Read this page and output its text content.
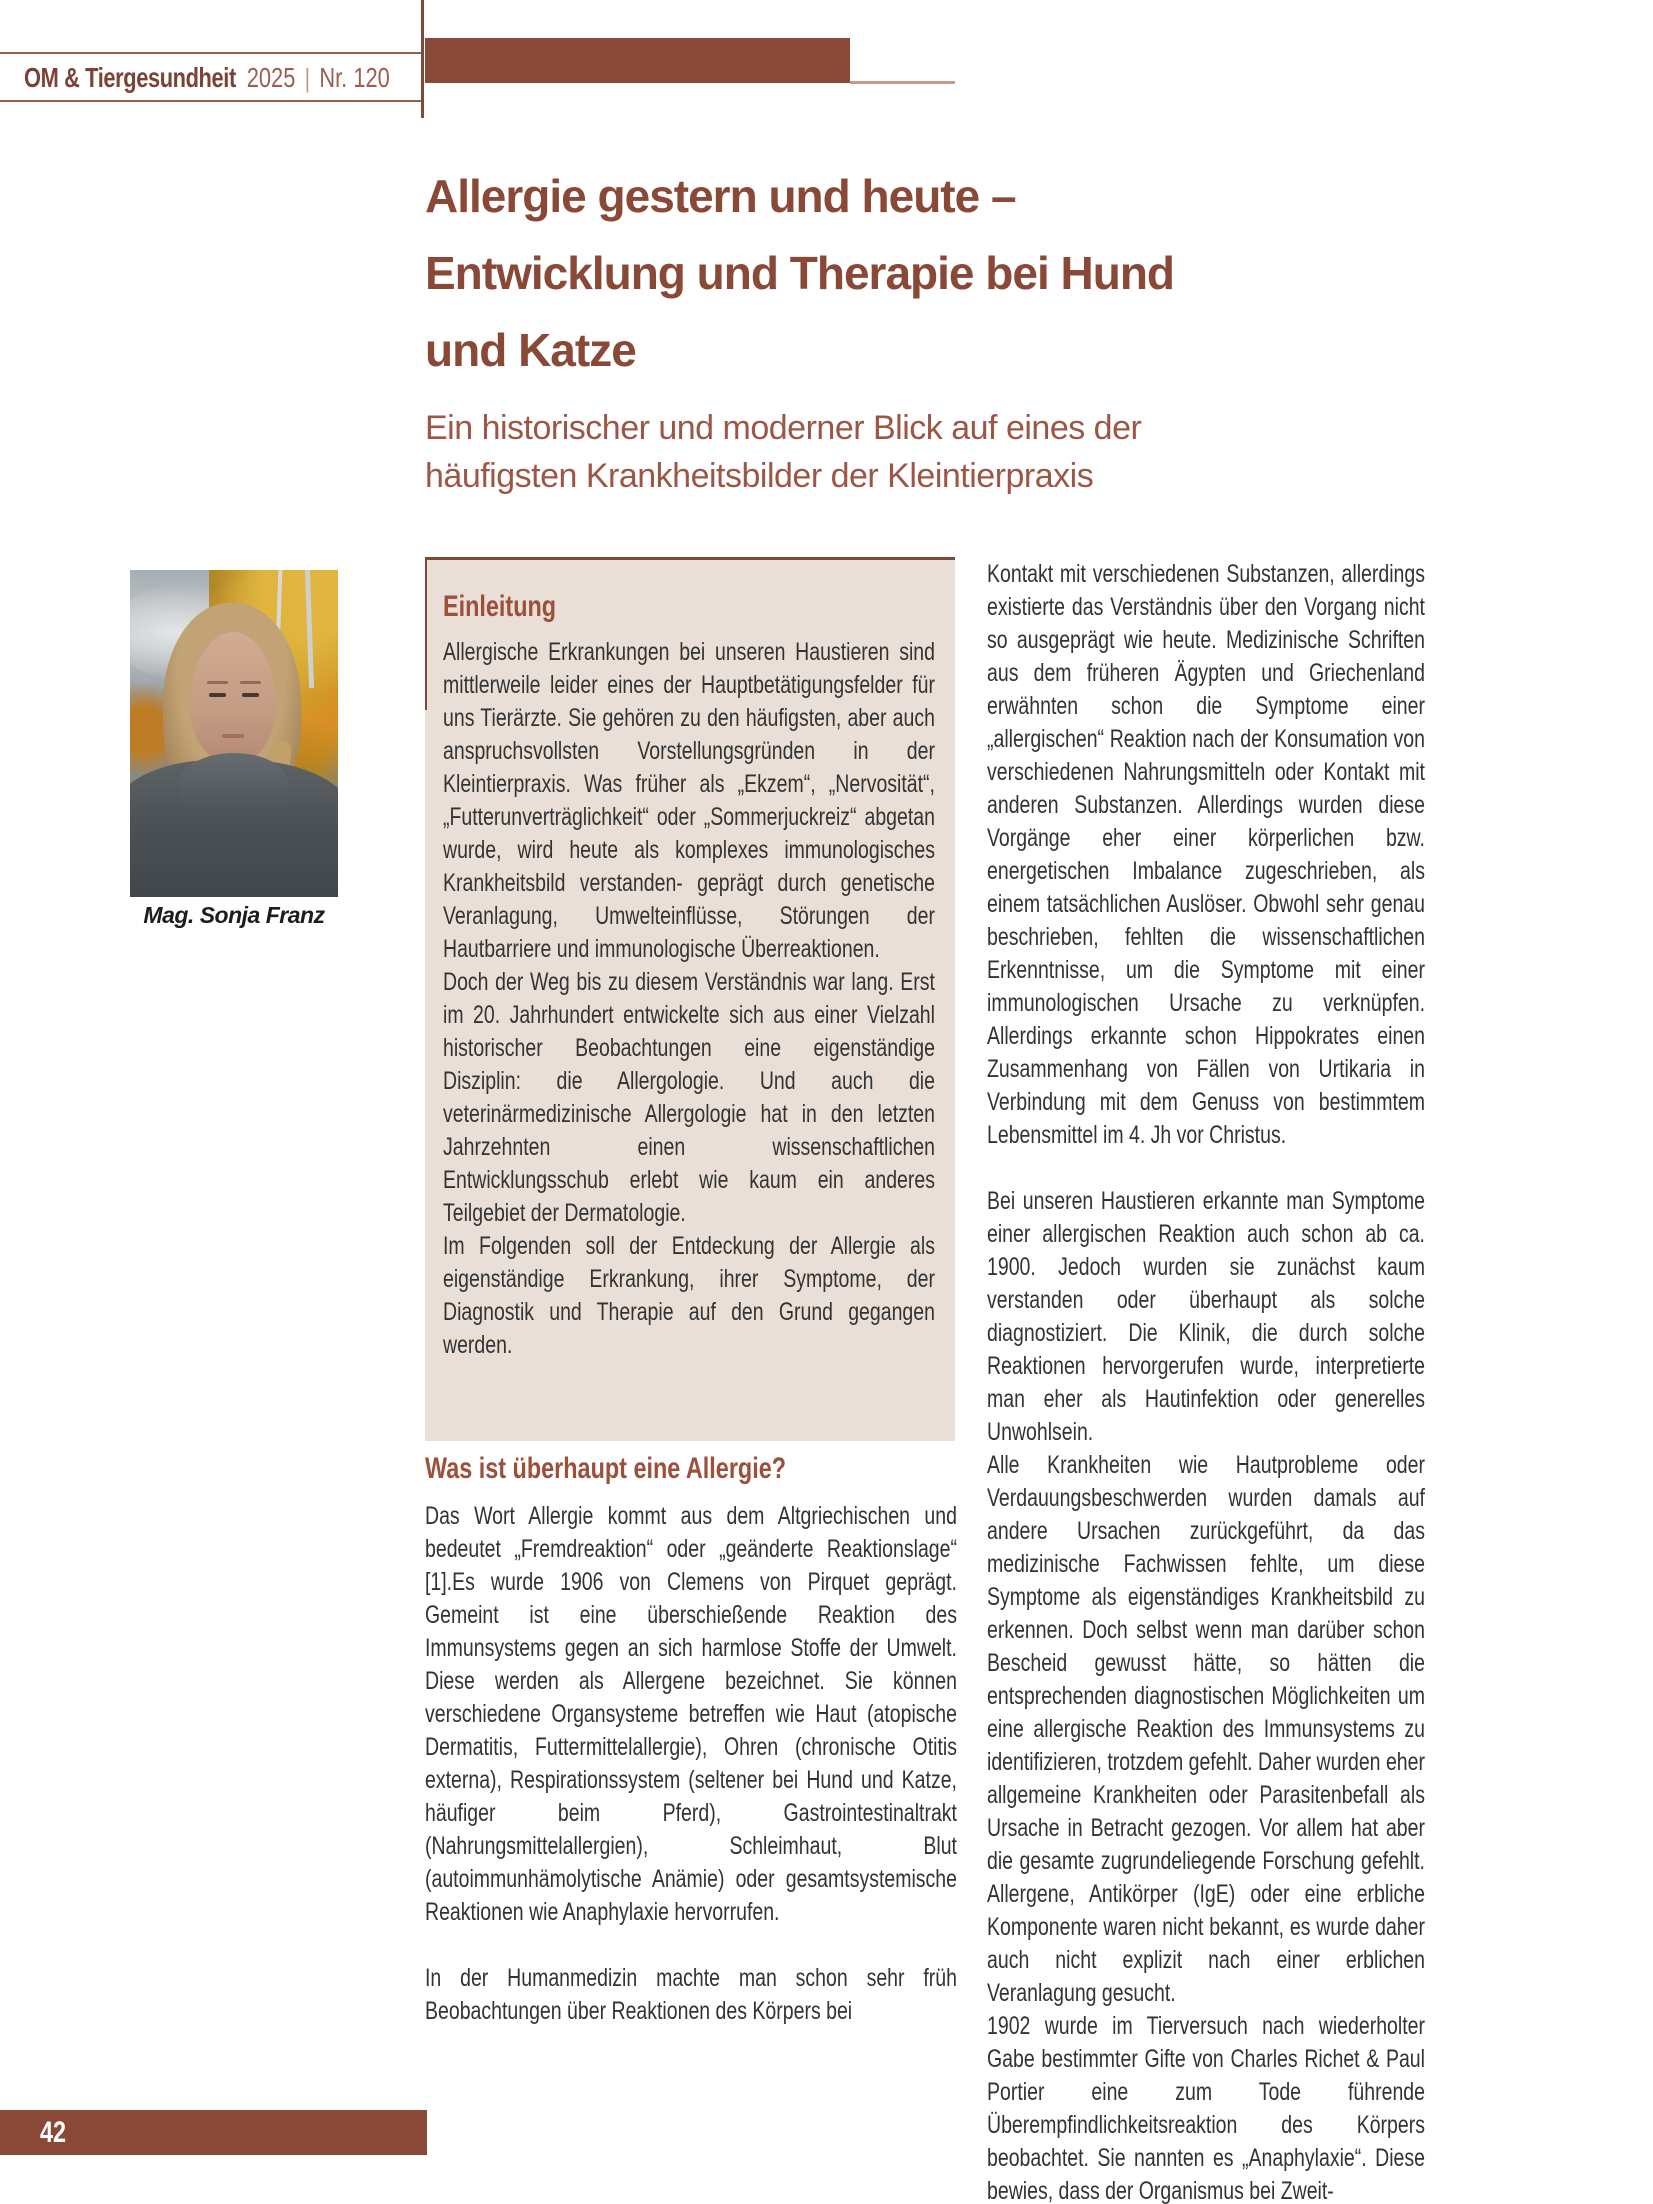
OM & Tiergesundheit 2025 | Nr. 120
Allergie gestern und heute –
Entwicklung und Therapie bei Hund
und Katze
Ein historischer und moderner Blick auf eines der
häufigsten Krankheitsbilder der Kleintierpraxis
Mag. Sonja Franz
Einleitung

Allergische Erkrankungen bei unseren Haustieren sind mittlerweile leider eines der Hauptbetätigungsfelder für uns Tierärzte. Sie gehören zu den häufigsten, aber auch anspruchsvollsten Vorstellungsgründen in der Kleintierpraxis. Was früher als „Ekzem“, „Nervosität“, „Futterunverträglichkeit“ oder „Sommerjuckreiz“ abgetan wurde, wird heute als komplexes immunologisches Krankheitsbild verstanden- geprägt durch genetische Veranlagung, Umwelteinflüsse, Störungen der Hautbarriere und immunologische Überreaktionen.

Doch der Weg bis zu diesem Verständnis war lang. Erst im 20. Jahrhundert entwickelte sich aus einer Vielzahl historischer Beobachtungen eine eigenständige Disziplin: die Allergologie. Und auch die veterinärmedizinische Allergologie hat in den letzten Jahrzehnten einen wissenschaftlichen Entwicklungsschub erlebt wie kaum ein anderes Teilgebiet der Dermatologie.

Im Folgenden soll der Entdeckung der Allergie als eigenständige Erkrankung, ihrer Symptome, der Diagnostik und Therapie auf den Grund gegangen werden.

Was ist überhaupt eine Allergie?

Das Wort Allergie kommt aus dem Altgriechischen und bedeutet „Fremdreaktion“ oder „geänderte Reaktionslage“ [1].Es wurde 1906 von Clemens von Pirquet geprägt. Gemeint ist eine überschießende Reaktion des Immunsystems gegen an sich harmlose Stoffe der Umwelt. Diese werden als Allergene bezeichnet. Sie können verschiedene Organsysteme betreffen wie Haut (atopische Dermatitis, Futtermittelallergie), Ohren (chronische Otitis externa), Respirationssystem (seltener bei Hund und Katze, häufiger beim Pferd), Gastrointestinaltrakt (Nahrungsmittelallergien), Schleimhaut, Blut (autoimmunhämolytische Anämie) oder gesamtsystemische Reaktionen wie Anaphylaxie hervorrufen.

In der Humanmedizin machte man schon sehr früh Beobachtungen über Reaktionen des Körpers bei

Kontakt mit verschiedenen Substanzen, allerdings existierte das Verständnis über den Vorgang nicht so ausgeprägt wie heute. Medizinische Schriften aus dem früheren Ägypten und Griechenland erwähnten schon die Symptome einer „allergischen“ Reaktion nach der Konsumation von verschiedenen Nahrungsmitteln oder Kontakt mit anderen Substanzen. Allerdings wurden diese Vorgänge eher einer körperlichen bzw. energetischen Imbalance zugeschrieben, als einem tatsächlichen Auslöser. Obwohl sehr genau beschrieben, fehlten die wissenschaftlichen Erkenntnisse, um die Symptome mit einer immunologischen Ursache zu verknüpfen. Allerdings erkannte schon Hippokrates einen Zusammenhang von Fällen von Urtikaria in Verbindung mit dem Genuss von bestimmtem Lebensmittel im 4. Jh vor Christus.

Bei unseren Haustieren erkannte man Symptome einer allergischen Reaktion auch schon ab ca. 1900. Jedoch wurden sie zunächst kaum verstanden oder überhaupt als solche diagnostiziert. Die Klinik, die durch solche Reaktionen hervorgerufen wurde, interpretierte man eher als Hautinfektion oder generelles Unwohlsein.

Alle Krankheiten wie Hautprobleme oder Verdauungsbeschwerden wurden damals auf andere Ursachen zurückgeführt, da das medizinische Fachwissen fehlte, um diese Symptome als eigenständiges Krankheitsbild zu erkennen. Doch selbst wenn man darüber schon Bescheid gewusst hätte, so hätten die entsprechenden diagnostischen Möglichkeiten um eine allergische Reaktion des Immunsystems zu identifizieren, trotzdem gefehlt. Daher wurden eher allgemeine Krankheiten oder Parasitenbefall als Ursache in Betracht gezogen. Vor allem hat aber die gesamte zugrundeliegende Forschung gefehlt. Allergene, Antikörper (IgE) oder eine erbliche Komponente waren nicht bekannt, es wurde daher auch nicht explizit nach einer erblichen Veranlagung gesucht.

1902 wurde im Tierversuch nach wiederholter Gabe bestimmter Gifte von Charles Richet & Paul Portier eine zum Tode führende Überempfindlichkeitsreaktion des Körpers beobachtet. Sie nannten es „Anaphylaxie“. Diese bewies, dass der Organismus bei Zweit-

42
